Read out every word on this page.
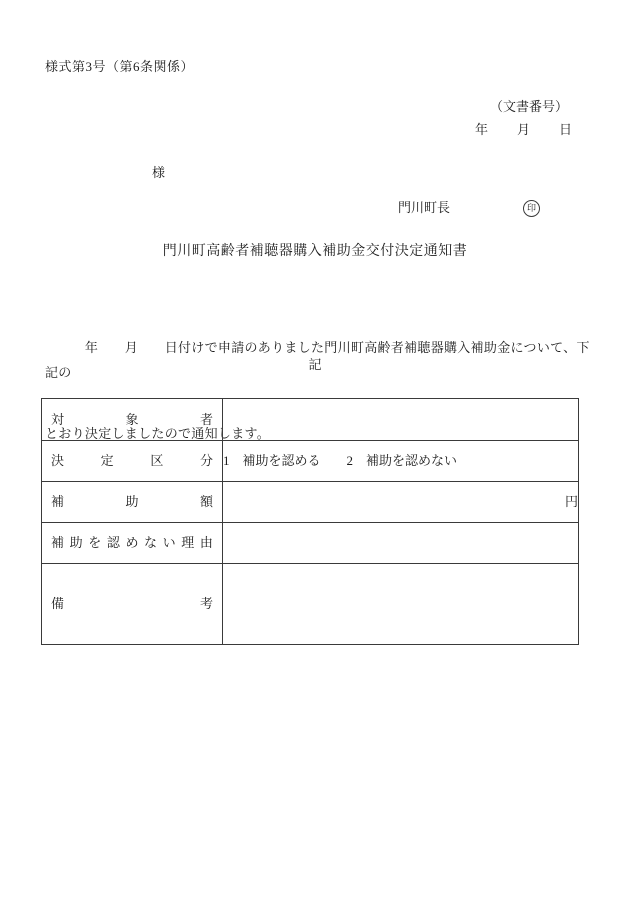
様式第3号（第6条関係）
（文書番号）
年　　月　　日
様
門川町長	印
門川町高齢者補聴器購入補助金交付決定通知書

　　　年　　月　　日付けで申請のありました門川町高齢者補聴器購入補助金について、下記の

とおり決定しましたので通知します。

記
対 象 者	

決 定 区 分	1　補助を認める　　2　補助を認めない

補 助 額	円

補 助 を 認 め な い 理 由

備 考	
